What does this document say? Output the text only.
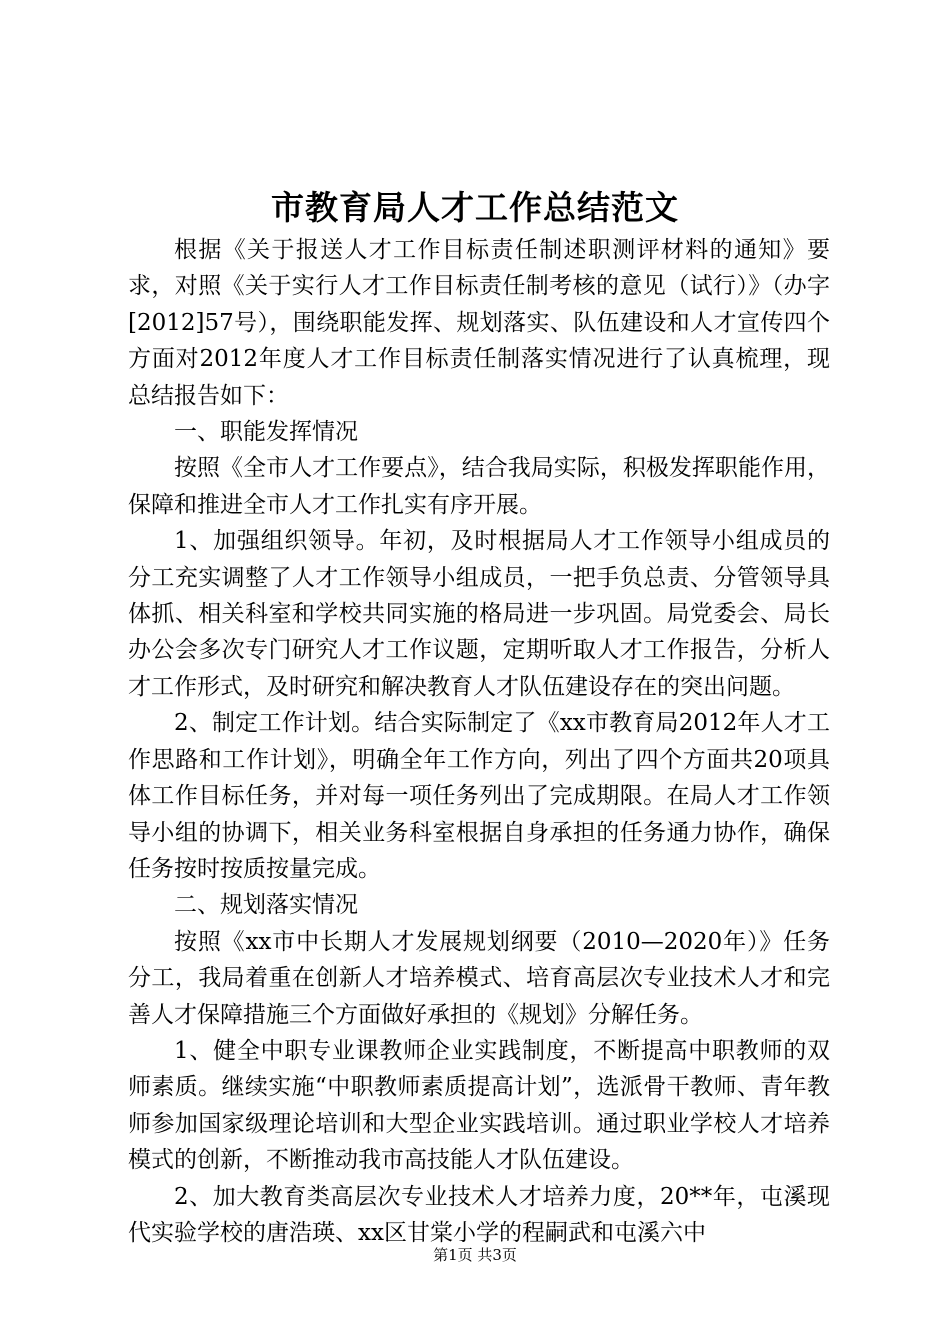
市教育局人才工作总结范文

根据《关于报送人才工作目标责任制述职测评材料的通知》要求，对照《关于实行人才工作目标责任制考核的意见（试行）》（办字[2012]57号），围绕职能发挥、规划落实、队伍建设和人才宣传四个方面对2012年度人才工作目标责任制落实情况进行了认真梳理，现总结报告如下：

一、职能发挥情况

按照《全市人才工作要点》，结合我局实际，积极发挥职能作用，保障和推进全市人才工作扎实有序开展。

1、加强组织领导。年初，及时根据局人才工作领导小组成员的分工充实调整了人才工作领导小组成员，一把手负总责、分管领导具体抓、相关科室和学校共同实施的格局进一步巩固。局党委会、局长办公会多次专门研究人才工作议题，定期听取人才工作报告，分析人才工作形式，及时研究和解决教育人才队伍建设存在的突出问题。

2、制定工作计划。结合实际制定了《xx市教育局2012年人才工作思路和工作计划》，明确全年工作方向，列出了四个方面共20项具体工作目标任务，并对每一项任务列出了完成期限。在局人才工作领导小组的协调下，相关业务科室根据自身承担的任务通力协作，确保任务按时按质按量完成。

二、规划落实情况

按照《xx市中长期人才发展规划纲要（2010—2020年）》任务分工，我局着重在创新人才培养模式、培育高层次专业技术人才和完善人才保障措施三个方面做好承担的《规划》分解任务。

1、健全中职专业课教师企业实践制度，不断提高中职教师的双师素质。继续实施“中职教师素质提高计划”，选派骨干教师、青年教师参加国家级理论培训和大型企业实践培训。通过职业学校人才培养模式的创新，不断推动我市高技能人才队伍建设。

2、加大教育类高层次专业技术人才培养力度，20**年，屯溪现代实验学校的唐浩瑛、xx区甘棠小学的程嗣武和屯溪六中

第1页 共3页
